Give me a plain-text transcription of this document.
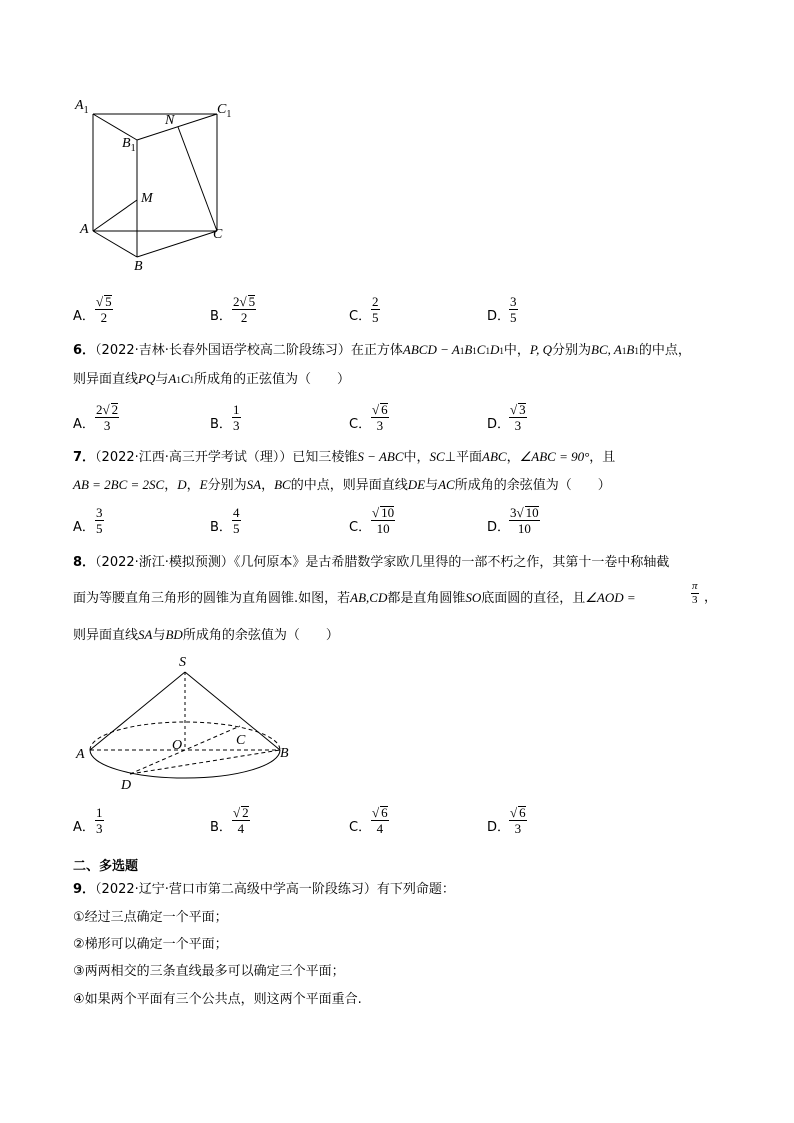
$A_1$	$C_1$
N
$B_1$
M
A	C
B
A． $\frac{√ 5}{2}$	B． $\frac{2√ 5}{2}$	C． $\frac{2}{5}$	D．
$\frac{3}{5}$
6．（2022·吉林·长春外国语学校高二阶段练习）在正方体ABCD − A1B1C1D1中，P, Q分别为BC, A1B1的中点，
则异面直线PQ与A1C1所成角的正弦值为（　　）
A． $\frac{2√ 2}{3}$	B． $\frac{1}{3}$	C． $\frac{√ 6}{3}$	D．
$\frac{√ 3}{3}$
7．（2022·江西·高三开学考试（理））已知三棱锥S − ABC中，SC⊥平面ABC，∠ABC = 90°，且
AB = 2BC = 2SC，D，E分别为SA，BC的中点，则异面直线DE与AC所成角的余弦值为（　　）
A． $\frac{3}{5}$	B． $\frac{4}{5}$	C． $\frac{√ 10}{10}$	D．
$\frac{3√ 10}{10}$
8．（2022·浙江·模拟预测）《几何原本》是古希腊数学家欧几里得的一部不朽之作，其第十一卷中称轴截
面为等腰直角三角形的圆锥为直角圆锥.如图，若AB,CD都是直角圆锥SO底面圆的直径，且∠AOD =	$\frac{\pi}{3}$ ，
则异面直线SA与BD所成角的余弦值为（　　）
S
A
O	C
B
D
A． $\frac{1}{3}$	B． $\frac{√ 2}{4}$	C． $\frac{√ 6}{4}$	D．
$\frac{√ 6}{3}$
二、多选题
9．（2022·辽宁·营口市第二高级中学高一阶段练习）有下列命题：
①经过三点确定一个平面；
②梯形可以确定一个平面；
③两两相交的三条直线最多可以确定三个平面；
④如果两个平面有三个公共点，则这两个平面重合.
